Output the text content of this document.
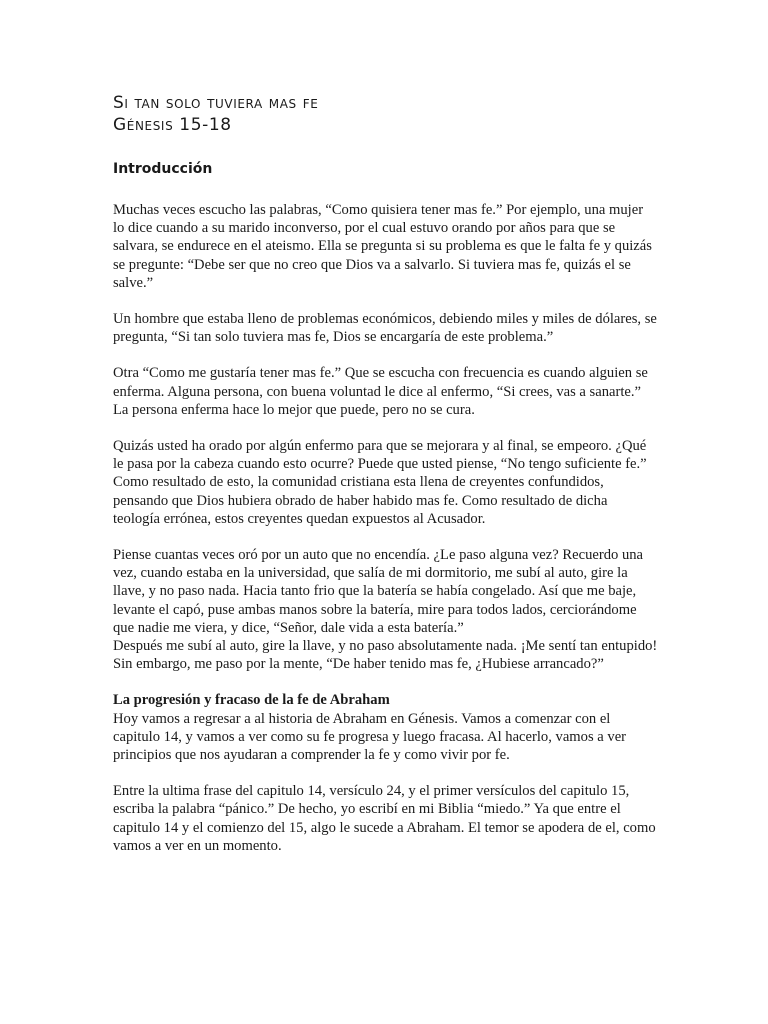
Si tan solo tuviera mas fe
Génesis 15-18
Introducción

Muchas veces escucho las palabras, “Como quisiera tener mas fe.” Por ejemplo, una mujer lo dice cuando a su marido inconverso, por el cual estuvo orando por años para que se salvara, se endurece en el ateismo. Ella se pregunta si su problema es que le falta fe y quizás se pregunte: “Debe ser que no creo que Dios va a salvarlo. Si tuviera mas fe, quizás el se salve.”

Un hombre que estaba lleno de problemas económicos, debiendo miles y miles de dólares, se pregunta, “Si tan solo tuviera mas fe, Dios se encargaría de este problema.”

Otra “Como me gustaría tener mas fe.” Que se escucha con frecuencia es cuando alguien se enferma. Alguna persona, con buena voluntad le dice al enfermo, “Si crees, vas a sanarte.”

La persona enferma hace lo mejor que puede, pero no se cura.

Quizás usted ha orado por algún enfermo para que se mejorara y al final, se empeoro. ¿Qué le pasa por la cabeza cuando esto ocurre? Puede que usted piense, “No tengo suficiente fe.”

Como resultado de esto, la comunidad cristiana esta llena de creyentes confundidos, pensando que Dios hubiera obrado de haber habido mas fe. Como resultado de dicha teología errónea, estos creyentes quedan expuestos al Acusador.

Piense cuantas veces oró por un auto que no encendía. ¿Le paso alguna vez? Recuerdo una vez, cuando estaba en la universidad, que salía de mi dormitorio, me subí al auto, gire la llave, y no paso nada. Hacia tanto frio que la batería se había congelado. Así que me baje, levante el capó, puse ambas manos sobre la batería, mire para todos lados, cerciorándome que nadie me viera, y dice, “Señor, dale vida a esta batería.”

Después me subí al auto, gire la llave, y no paso absolutamente nada. ¡Me sentí tan entupido! Sin embargo, me paso por la mente, “De haber tenido mas fe, ¿Hubiese arrancado?”

La progresión y fracaso de la fe de Abraham

Hoy vamos a regresar a al historia de Abraham en Génesis. Vamos a comenzar con el capitulo 14, y vamos a ver como su fe progresa y luego fracasa. Al hacerlo, vamos a ver principios que nos ayudaran a comprender la fe y como vivir por fe.

Entre la ultima frase del capitulo 14, versículo 24, y el primer versículos del capitulo 15, escriba la palabra “pánico.” De hecho, yo escribí en mi Biblia “miedo.” Ya que entre el capitulo 14 y el comienzo del 15, algo le sucede a Abraham. El temor se apodera de el, como vamos a ver en un momento.
